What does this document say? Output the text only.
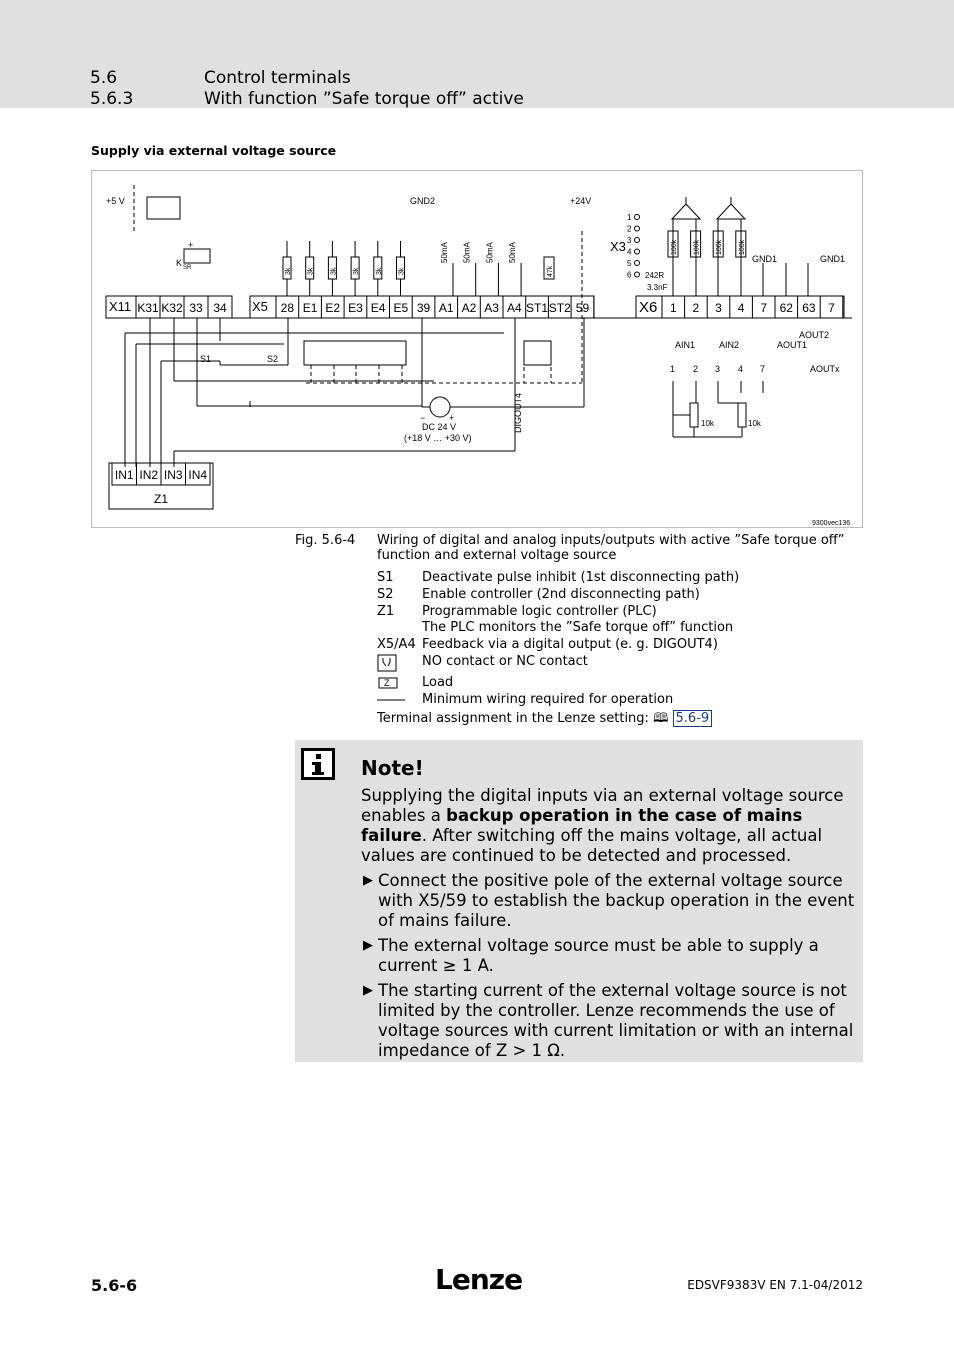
5.6	Control terminals
5.6.3	With function ”Safe torque off” active
Supply via external voltage source
K31 K32 33 34	28 E1 E2 E3 E4 E5 39 A1 A2 A3 A4 ST1 ST2 59	1 2 3 4 7 62 63 7
IN1 IN2 IN3 IN4
3k 3k 3k 3k 3k 3k
50mA 50mA 50mA 50mA
47k
100k 100k 100k 100k
1
2
3
4
5
6
1 2 3 4 7
+5 V
K SR
GND2	+24V
S1	S2
DC 24 V
(+18 V … +30 V)
−	+
+
DIGOUT4
AIN1	AIN2	AOUT1
AOUT2
AOUTx
GND1	GND1
242R
3.3nF
10k	10k
9300vec136
X11	X5	X6
X3
Z1
Fig. 5.6-4 Wiring of digital and analog inputs/outputs with active ”Safe torque off” function and external voltage source
S1 Deactivate pulse inhibit (1st disconnecting path)
S2 Enable controller (2nd disconnecting path)
Z1 Programmable logic controller (PLC)
The PLC monitors the ”Safe torque off” function
X5/A4 Feedback via a digital output (e. g. DIGOUT4)
NO contact or NC contact
Z	Load
Minimum wiring required for operation
Terminal assignment in the Lenze setting: 🕮 5.6-9
Note!
Supplying the digital inputs via an external voltage source enables a backup operation in the case of mains failure. After switching off the mains voltage, all actual values are continued to be detected and processed.
▶ Connect the positive pole of the external voltage source with X5/59 to establish the backup operation in the event of mains failure.
▶ The external voltage source must be able to supply a current ≥ 1 A.
▶ The starting current of the external voltage source is not limited by the controller. Lenze recommends the use of voltage sources with current limitation or with an internal impedance of Z > 1 Ω.
5.6-6	Lenze	EDSVF9383V EN 7.1-04/2012
